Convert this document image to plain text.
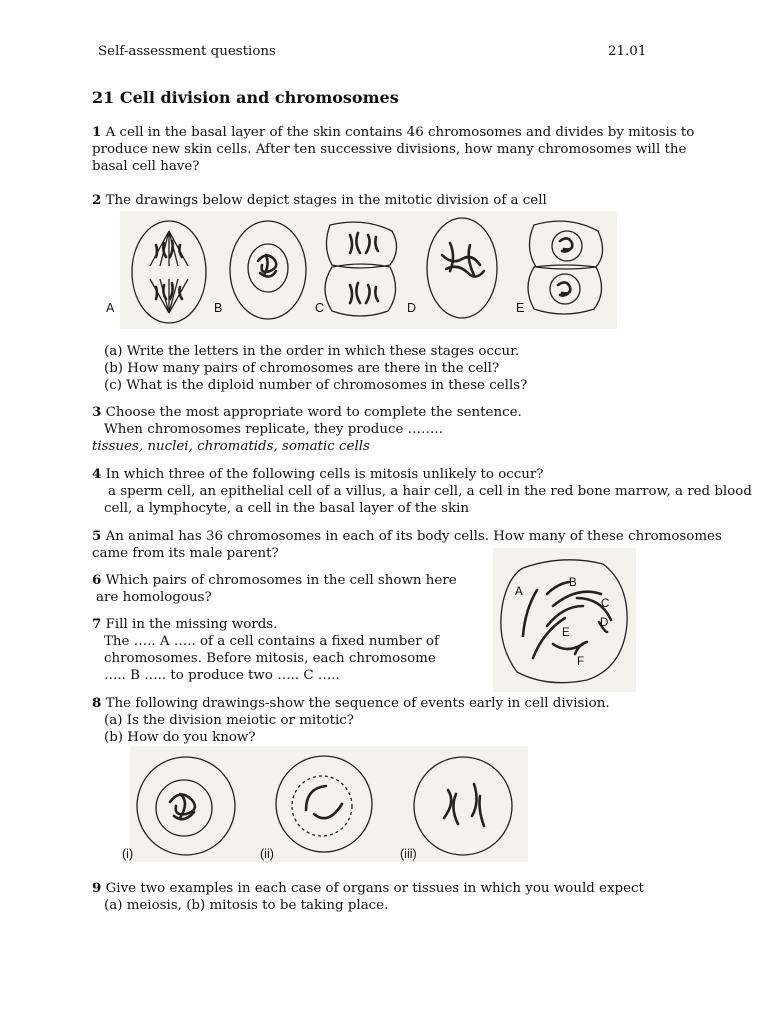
Self-assessment questions	21.01
21 Cell division and chromosomes
1 A cell in the basal layer of the skin contains 46 chromosomes and divides by mitosis to
produce new skin cells. After ten successive divisions, how many chromosomes will the
basal cell have?
2 The drawings below depict stages in the mitotic division of a cell
A	B	C	D	E
(a) Write the letters in the order in which these stages occur.
(b) How many pairs of chromosomes are there in the cell?
(c) What is the diploid number of chromosomes in these cells?
3 Choose the most appropriate word to complete the sentence.
When chromosomes replicate, they produce ……..
tissues, nuclei, chromatids, somatic cells
4 In which three of the following cells is mitosis unlikely to occur?
a sperm cell, an epithelial cell of a villus, a hair cell, a cell in the red bone marrow, a red blood
cell, a lymphocyte, a cell in the basal layer of the skin
5 An animal has 36 chromosomes in each of its body cells. How many of these chromosomes
came from its male parent?
6 Which pairs of chromosomes in the cell shown here
are homologous?	A
B
C
D
E
F
7 Fill in the missing words.
The ….. A ….. of a cell contains a fixed number of
chromosomes. Before mitosis, each chromosome
….. B ….. to produce two ….. C …..
8 The following drawings-show the sequence of events early in cell division.
(a) Is the division meiotic or mitotic?
(b) How do you know?
(i)	(ii)	(iii)
9 Give two examples in each case of organs or tissues in which you would expect
(a) meiosis, (b) mitosis to be taking place.
